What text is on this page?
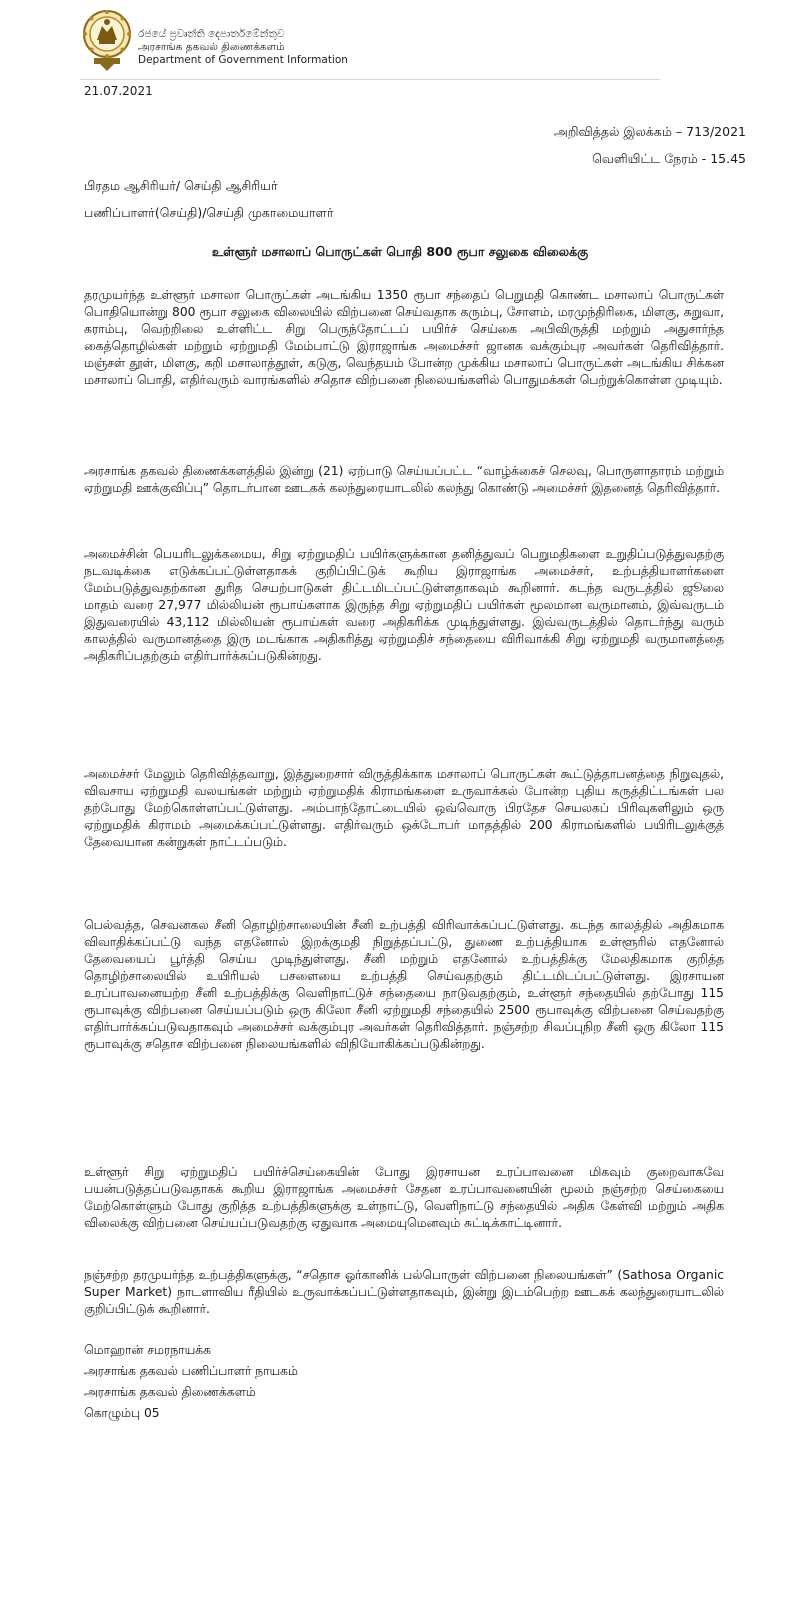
රජයේ ප්‍රවෘත්ති දෙපාර්තමේන්තුව
அரசாங்க தகவல் திணைக்களம்
Department of Government Information
21.07.2021
அறிவித்தல் இலக்கம் – 713/2021
வெளியிட்ட நேரம் - 15.45
பிரதம ஆசிரியர்/ செய்தி ஆசிரியர்
பணிப்பாளர்(செய்தி)/செய்தி முகாமையாளர்
உள்ளூர் மசாலாப் பொருட்கள் பொதி 800 ரூபா சலுகை விலைக்கு

தரமுயர்ந்த உள்ளூர் மசாலா பொருட்கள் அடங்கிய 1350 ரூபா சந்தைப் பெறுமதி கொண்ட மசாலாப் பொருட்கள் பொதியொன்று 800 ரூபா சலுகை விலையில் விற்பனை செய்வதாக கரும்பு, சோளம், மரமுந்திரிகை, மிளகு, கறுவா, கராம்பு, வெற்றிலை உள்ளிட்ட சிறு பெருந்தோட்டப் பயிர்ச் செய்கை அபிவிருத்தி மற்றும் அதுசார்ந்த கைத்தொழில்கள் மற்றும் ஏற்றுமதி மேம்பாட்டு இராஜாங்க அமைச்சர் ஜானக வக்கும்புர அவர்கள் தெரிவித்தார். மஞ்சள் தூள், மிளகு, கறி மசாலாத்தூள், கடுகு, வெந்தயம் போன்ற முக்கிய மசாலாப் பொருட்கள் அடங்கிய சிக்கன மசாலாப் பொதி, எதிர்வரும் வாரங்களில் சதொச விற்பனை நிலையங்களில் பொதுமக்கள் பெற்றுக்கொள்ள முடியும்.

அரசாங்க தகவல் திணைக்களத்தில் இன்று (21) ஏற்பாடு செய்யப்பட்ட “வாழ்க்கைச் செலவு, பொருளாதாரம் மற்றும் ஏற்றுமதி ஊக்குவிப்பு” தொடர்பான ஊடகக் கலந்துரையாடலில் கலந்து கொண்டு அமைச்சர் இதனைத் தெரிவித்தார்.

அமைச்சின் பெயரிடலுக்கமைய, சிறு ஏற்றுமதிப் பயிர்களுக்கான தனித்துவப் பெறுமதிகளை உறுதிப்படுத்துவதற்கு நடவடிக்கை எடுக்கப்பட்டுள்ளதாகக் குறிப்பிட்டுக் கூறிய இராஜாங்க அமைச்சர், உற்பத்தியாளர்களை மேம்படுத்துவதற்கான துரித செயற்பாடுகள் திட்டமிடப்பட்டுள்ளதாகவும் கூறினார். கடந்த வருடத்தில் ஜூலை மாதம் வரை 27,977 மில்லியன் ரூபாய்களாக இருந்த சிறு ஏற்றுமதிப் பயிர்கள் மூலமான வருமானம், இவ்வருடம் இதுவரையில் 43,112 மில்லியன் ரூபாய்கள் வரை அதிகரிக்க முடிந்துள்ளது. இவ்வருடத்தில் தொடர்ந்து வரும் காலத்தில் வருமானத்தை இரு மடங்காக அதிகரித்து ஏற்றுமதிச் சந்தையை விரிவாக்கி சிறு ஏற்றுமதி வருமானத்தை அதிகரிப்பதற்கும் எதிர்பார்க்கப்படுகின்றது.

அமைச்சர் மேலும் தெரிவித்தவாறு, இத்துறைசார் விருத்திக்காக மசாலாப் பொருட்கள் கூட்டுத்தாபனத்தை நிறுவுதல், விவசாய ஏற்றுமதி வலயங்கள் மற்றும் ஏற்றுமதிக் கிராமங்களை உருவாக்கல் போன்ற புதிய கருத்திட்டங்கள் பல தற்போது மேற்கொள்ளப்பட்டுள்ளது. அம்பாந்தோட்டையில் ஒவ்வொரு பிரதேச செயலகப் பிரிவுகளிலும் ஒரு ஏற்றுமதிக் கிராமம் அமைக்கப்பட்டுள்ளது. எதிர்வரும் ஒக்டோபர் மாதத்தில் 200 கிராமங்களில் பயிரிடலுக்குத் தேவையான கன்றுகள் நாட்டப்படும்.

பெல்வத்த, செவனகல சீனி தொழிற்சாலையின் சீனி உற்பத்தி விரிவாக்கப்பட்டுள்ளது. கடந்த காலத்தில் அதிகமாக விவாதிக்கப்பட்டு வந்த எதனோல் இறக்குமதி நிறுத்தப்பட்டு, துணை உற்பத்தியாக உள்ளூரில் எதனோல் தேவையைப் பூர்த்தி செய்ய முடிந்துள்ளது. சீனி மற்றும் எதனோல் உற்பத்திக்கு மேலதிகமாக குறித்த தொழிற்சாலையில் உயிரியல் பசளையை உற்பத்தி செய்வதற்கும் திட்டமிடப்பட்டுள்ளது. இரசாயன உரப்பாவனையற்ற சீனி உற்பத்திக்கு வெளிநாட்டுச் சந்தையை நாடுவதற்கும், உள்ளூர் சந்தையில் தற்போது 115 ரூபாவுக்கு விற்பனை செய்யப்படும் ஒரு கிலோ சீனி ஏற்றுமதி சந்தையில் 2500 ரூபாவுக்கு விற்பனை செய்வதற்கு எதிர்பார்க்கப்படுவதாகவும் அமைச்சர் வக்கும்புர அவர்கள் தெரிவித்தார். நஞ்சற்ற சிவப்புநிற சீனி ஒரு கிலோ 115 ரூபாவுக்கு சதொச விற்பனை நிலையங்களில் விநியோகிக்கப்படுகின்றது.

உள்ளூர் சிறு ஏற்றுமதிப் பயிர்ச்செய்கையின் போது இரசாயன உரப்பாவனை மிகவும் குறைவாகவே பயன்படுத்தப்படுவதாகக் கூறிய இராஜாங்க அமைச்சர் சேதன உரப்பாவனையின் மூலம் நஞ்சற்ற செய்கையை மேற்கொள்ளும் போது குறித்த உற்பத்திகளுக்கு உள்நாட்டு, வெளிநாட்டு சந்தையில் அதிக கேள்வி மற்றும் அதிக விலைக்கு விற்பனை செய்யப்படுவதற்கு ஏதுவாக அமையுமெனவும் சுட்டிக்காட்டினார்.

நஞ்சற்ற தரமுயர்ந்த உற்பத்திகளுக்கு, “சதொச ஓர்கானிக் பல்பொருள் விற்பனை நிலையங்கள்” (Sathosa Organic Super Market) நாடளாவிய ரீதியில் உருவாக்கப்பட்டுள்ளதாகவும், இன்று இடம்பெற்ற ஊடகக் கலந்துரையாடலில் குறிப்பிட்டுக் கூறினார்.

மொஹான் சமரநாயக்க
அரசாங்க தகவல் பணிப்பாளர் நாயகம்
அரசாங்க தகவல் திணைக்களம்
கொழும்பு 05
